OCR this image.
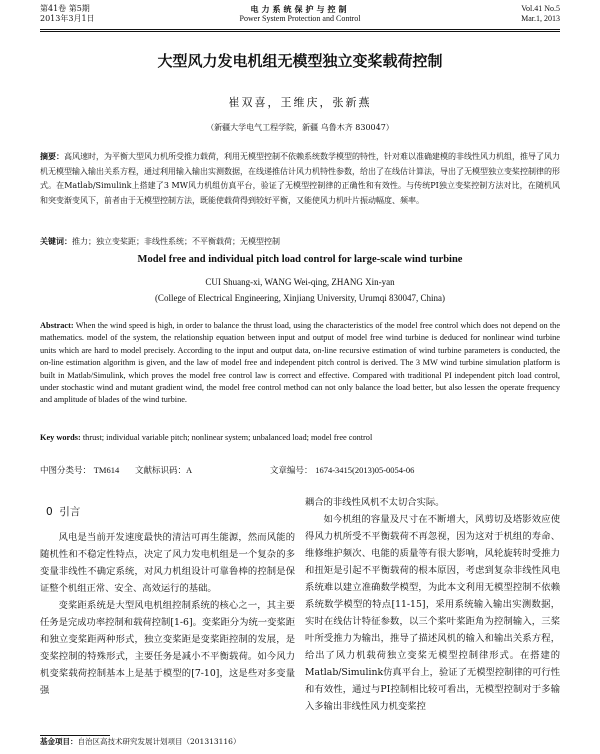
第41卷 第5期
2013年3月1日
电力系统保护与控制
Power System Protection and Control
Vol.41 No.5
Mar.1, 2013
大型风力发电机组无模型独立变桨载荷控制
崔双喜，王维庆，张新燕
（新疆大学电气工程学院，新疆 乌鲁木齐 830047）
摘要：高风速时，为平衡大型风力机所受推力载荷，利用无模型控制不依赖系统数学模型的特性，针对难以准确建模的非线性风力机组，推导了风力机无模型输入输出关系方程，通过利用输入输出实测数据，在线递推估计风力机特性参数，给出了在线估计算法，导出了无模型独立变桨控制律的形式。在Matlab/Simulink上搭建了3 MW风力机组仿真平台，验证了无模型控制律的正确性和有效性。与传统PI独立变桨控制方法对比，在随机风和突变渐变风下，前者由于无模型控制方法，既能使载荷得到较好平衡，又能使风力机叶片振动幅度、频率。
关键词：推力；独立变桨距；非线性系统；不平衡载荷；无模型控制
Model free and individual pitch load control for large-scale wind turbine
CUI Shuang-xi, WANG Wei-qing, ZHANG Xin-yan
(College of Electrical Engineering, Xinjiang University, Urumqi 830047, China)
Abstract: When the wind speed is high, in order to balance the thrust load, using the characteristics of the model free control which does not depend on the mathematics. model of the system, the relationship equation between input and output of model free wind turbine is deduced for nonlinear wind turbine units which are hard to model precisely. According to the input and output data, on-line recursive estimation of wind turbine parameters is conducted, the on-line estimation algorithm is given, and the law of model free and independent pitch control is derived. The 3 MW wind turbine simulation platform is built in Matlab/Simulink, which proves the model free control law is correct and effective. Compared with traditional PI independent pitch load control, under stochastic wind and mutant gradient wind, the model free control method can not only balance the load better, but also lessen the operate frequency and amplitude of blades of the wind turbine.
Key words: thrust; individual variable pitch; nonlinear system; unbalanced load; model free control
中图分类号： TM614 文献标识码：A	文章编号： 1674-3415(2013)05-0054-06
0 引言

风电是当前开发速度最快的清洁可再生能源，然而风能的随机性和不稳定性特点，决定了风力发电机组是一个复杂的多变量非线性不确定系统，对风力机组设计可靠鲁棒的控制是保证整个机组正常、安全、高效运行的基础。

变桨距系统是大型风电机组控制系统的核心之一，其主要任务是完成功率控制和载荷控制[1-6]。变桨距分为统一变桨距和独立变桨距两种形式，独立变桨距是变桨距控制的发展，是变桨控制的特殊形式，主要任务是减小不平衡载荷。如今风力机变桨载荷控制基本上是基于模型的[7-10]，这是些对多变量强

耦合的非线性风机不太切合实际。

如今机组的容量及尺寸在不断增大，风剪切及塔影效应使得风力机所受不平衡载荷不再忽视，因为这对于机组的寿命、维修维护频次、电能的质量等有很大影响，风轮旋转时受推力和扭矩是引起不平衡载荷的根本原因，考虑到复杂非线性风电系统难以建立准确数学模型，为此本文利用无模型控制不依赖系统数学模型的特点[11-15]，采用系统输入输出实测数据，实时在线估计特征参数，以三个桨叶桨距角为控制输入，三桨叶所受推力为输出，推导了描述风机的输入和输出关系方程，给出了风力机载荷独立变桨无模型控制律形式。在搭建的Matlab/Simulink仿真平台上，验证了无模型控制律的可行性和有效性，通过与PI控制相比较可看出，无模型控制对于多输入多输出非线性风力机变桨控

基金项目：自治区高技术研究发展计划项目（201313116）
